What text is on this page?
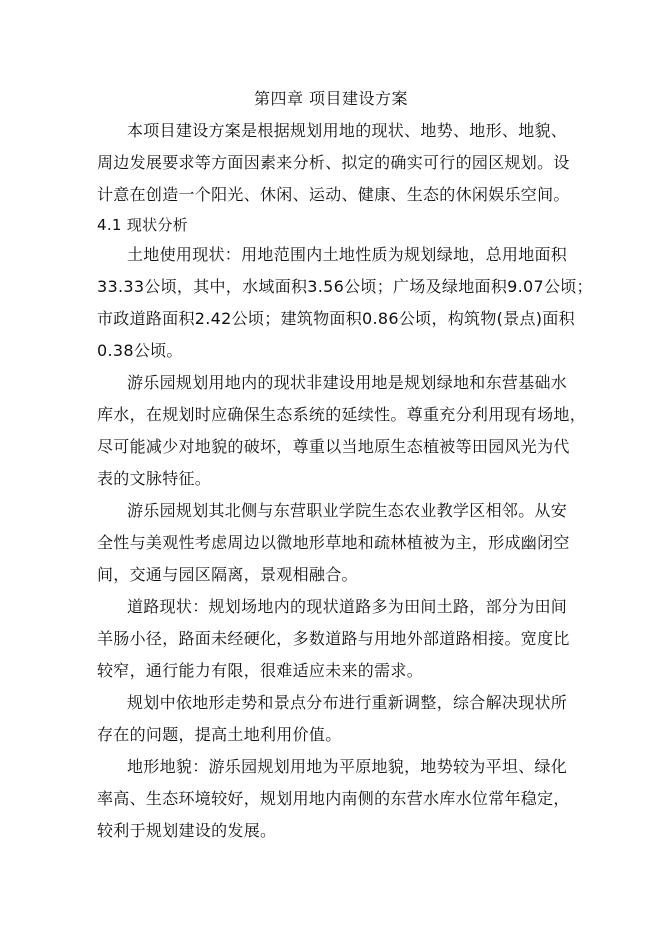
第四章 项目建设方案
本项目建设方案是根据规划用地的现状、地势、地形、地貌、
周边发展要求等方面因素来分析、拟定的确实可行的园区规划。设
计意在创造一个阳光、休闲、运动、健康、生态的休闲娱乐空间。
4.1 现状分析
土地使用现状：用地范围内土地性质为规划绿地，总用地面积
33.33公顷，其中，水域面积3.56公顷；广场及绿地面积9.07公顷；
市政道路面积2.42公顷；建筑物面积0.86公顷，构筑物(景点)面积
0.38公顷。
游乐园规划用地内的现状非建设用地是规划绿地和东营基础水
库水，在规划时应确保生态系统的延续性。尊重充分利用现有场地，
尽可能减少对地貌的破坏，尊重以当地原生态植被等田园风光为代
表的文脉特征。
游乐园规划其北侧与东营职业学院生态农业教学区相邻。从安
全性与美观性考虑周边以微地形草地和疏林植被为主，形成幽闭空
间，交通与园区隔离，景观相融合。
道路现状：规划场地内的现状道路多为田间土路，部分为田间
羊肠小径，路面未经硬化，多数道路与用地外部道路相接。宽度比
较窄，通行能力有限，很难适应未来的需求。
规划中依地形走势和景点分布进行重新调整，综合解决现状所
存在的问题，提高土地利用价值。
地形地貌：游乐园规划用地为平原地貌，地势较为平坦、绿化
率高、生态环境较好，规划用地内南侧的东营水库水位常年稳定，
较利于规划建设的发展。
